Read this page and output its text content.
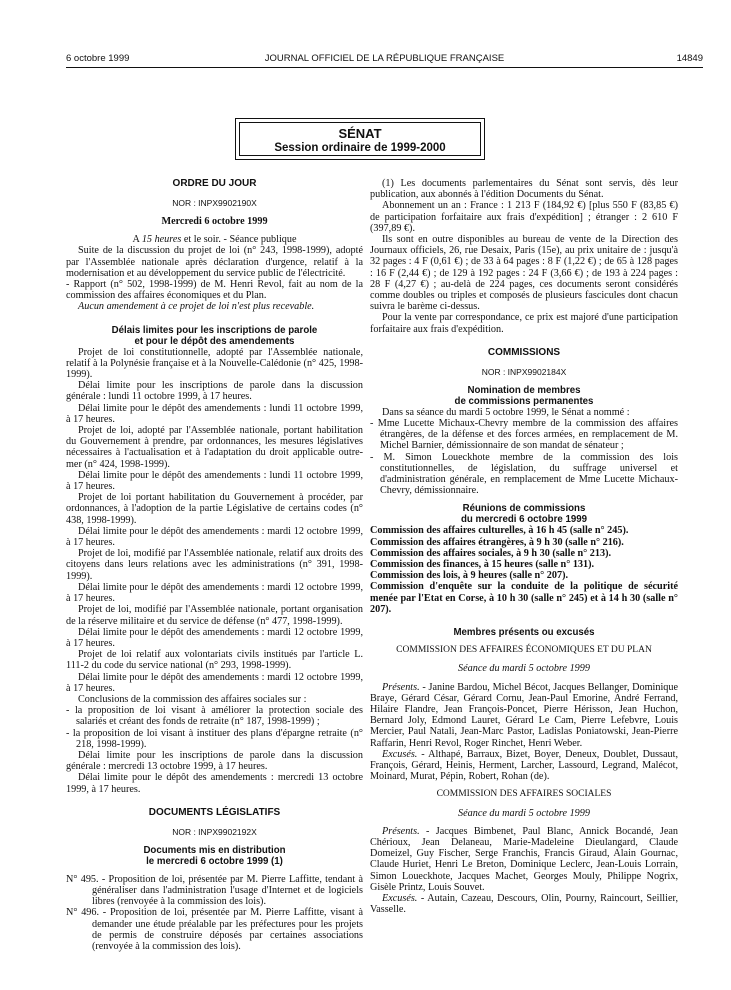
6 octobre 1999	JOURNAL OFFICIEL DE LA RÉPUBLIQUE FRANÇAISE	14849
SÉNAT
Session ordinaire de 1999-2000
ORDRE DU JOUR
NOR : INPX9902190X
Mercredi 6 octobre 1999
A 15 heures et le soir. - Séance publique

Suite de la discussion du projet de loi (n° 243, 1998-1999), adopté par l'Assemblée nationale après déclaration d'urgence, relatif à la modernisation et au développement du service public de l'électricité.

- Rapport (n° 502, 1998-1999) de M. Henri Revol, fait au nom de la commission des affaires économiques et du Plan.

Aucun amendement à ce projet de loi n'est plus recevable.

Délais limites pour les inscriptions de parole
et pour le dépôt des amendements

Projet de loi constitutionnelle, adopté par l'Assemblée nationale, relatif à la Polynésie française et à la Nouvelle-Calédonie (n° 425, 1998-1999).

Délai limite pour les inscriptions de parole dans la discussion générale : lundi 11 octobre 1999, à 17 heures.

Délai limite pour le dépôt des amendements : lundi 11 octobre 1999, à 17 heures.

Projet de loi, adopté par l'Assemblée nationale, portant habilitation du Gouvernement à prendre, par ordonnances, les mesures législatives nécessaires à l'actualisation et à l'adaptation du droit applicable outre-mer (n° 424, 1998-1999).

Délai limite pour le dépôt des amendements : lundi 11 octobre 1999, à 17 heures.

Projet de loi portant habilitation du Gouvernement à procéder, par ordonnances, à l'adoption de la partie Législative de certains codes (n° 438, 1998-1999).

Délai limite pour le dépôt des amendements : mardi 12 octobre 1999, à 17 heures.

Projet de loi, modifié par l'Assemblée nationale, relatif aux droits des citoyens dans leurs relations avec les administrations (n° 391, 1998-1999).

Délai limite pour le dépôt des amendements : mardi 12 octobre 1999, à 17 heures.

Projet de loi, modifié par l'Assemblée nationale, portant organisation de la réserve militaire et du service de défense (n° 477, 1998-1999).

Délai limite pour le dépôt des amendements : mardi 12 octobre 1999, à 17 heures.

Projet de loi relatif aux volontariats civils institués par l'article L. 111-2 du code du service national (n° 293, 1998-1999).

Délai limite pour le dépôt des amendements : mardi 12 octobre 1999, à 17 heures.

Conclusions de la commission des affaires sociales sur :

- la proposition de loi visant à améliorer la protection sociale des salariés et créant des fonds de retraite (n° 187, 1998-1999) ;

- la proposition de loi visant à instituer des plans d'épargne retraite (n° 218, 1998-1999).

Délai limite pour les inscriptions de parole dans la discussion générale : mercredi 13 octobre 1999, à 17 heures.

Délai limite pour le dépôt des amendements : mercredi 13 octobre 1999, à 17 heures.

DOCUMENTS LÉGISLATIFS
NOR : INPX9902192X
Documents mis en distribution
le mercredi 6 octobre 1999 (1)

N° 495. - Proposition de loi, présentée par M. Pierre Laffitte, tendant à généraliser dans l'administration l'usage d'Internet et de logiciels libres (renvoyée à la commission des lois).

N° 496. - Proposition de loi, présentée par M. Pierre Laffitte, visant à demander une étude préalable par les préfectures pour les projets de permis de construire déposés par certaines associations (renvoyée à la commission des lois).

(1) Les documents parlementaires du Sénat sont servis, dès leur publication, aux abonnés à l'édition Documents du Sénat.

Abonnement un an : France : 1 213 F (184,92 €) [plus 550 F (83,85 €) de participation forfaitaire aux frais d'expédition] ; étranger : 2 610 F (397,89 €).

Ils sont en outre disponibles au bureau de vente de la Direction des Journaux officiels, 26, rue Desaix, Paris (15e), au prix unitaire de : jusqu'à 32 pages : 4 F (0,61 €) ; de 33 à 64 pages : 8 F (1,22 €) ; de 65 à 128 pages : 16 F (2,44 €) ; de 129 à 192 pages : 24 F (3,66 €) ; de 193 à 224 pages : 28 F (4,27 €) ; au-delà de 224 pages, ces documents seront considérés comme doubles ou triples et composés de plusieurs fascicules dont chacun suivra le barème ci-dessus.

Pour la vente par correspondance, ce prix est majoré d'une participation forfaitaire aux frais d'expédition.

COMMISSIONS
NOR : INPX9902184X
Nomination de membres
de commissions permanentes

Dans sa séance du mardi 5 octobre 1999, le Sénat a nommé :

- Mme Lucette Michaux-Chevry membre de la commission des affaires étrangères, de la défense et des forces armées, en remplacement de M. Michel Barnier, démissionnaire de son mandat de sénateur ;

- M. Simon Loueckhote membre de la commission des lois constitutionnelles, de législation, du suffrage universel et d'administration générale, en remplacement de Mme Lucette Michaux-Chevry, démissionnaire.

Réunions de commissions
du mercredi 6 octobre 1999

Commission des affaires culturelles, à 16 h 45 (salle n° 245).

Commission des affaires étrangères, à 9 h 30 (salle n° 216).

Commission des affaires sociales, à 9 h 30 (salle n° 213).

Commission des finances, à 15 heures (salle n° 131).

Commission des lois, à 9 heures (salle n° 207).

Commission d'enquête sur la conduite de la politique de sécurité menée par l'Etat en Corse, à 10 h 30 (salle n° 245) et à 14 h 30 (salle n° 207).

Membres présents ou excusés
COMMISSION DES AFFAIRES ÉCONOMIQUES ET DU PLAN
Séance du mardi 5 octobre 1999

Présents. - Janine Bardou, Michel Bécot, Jacques Bellanger, Dominique Braye, Gérard César, Gérard Cornu, Jean-Paul Emorine, André Ferrand, Hilaire Flandre, Jean François-Poncet, Pierre Hérisson, Jean Huchon, Bernard Joly, Edmond Lauret, Gérard Le Cam, Pierre Lefebvre, Louis Mercier, Paul Natali, Jean-Marc Pastor, Ladislas Poniatowski, Jean-Pierre Raffarin, Henri Revol, Roger Rinchet, Henri Weber.

Excusés. - Althapé, Barraux, Bizet, Boyer, Deneux, Doublet, Dussaut, François, Gérard, Heinis, Herment, Larcher, Lassourd, Legrand, Malécot, Moinard, Murat, Pépin, Robert, Rohan (de).

COMMISSION DES AFFAIRES SOCIALES
Séance du mardi 5 octobre 1999

Présents. - Jacques Bimbenet, Paul Blanc, Annick Bocandé, Jean Chérioux, Jean Delaneau, Marie-Madeleine Dieulangard, Claude Domeizel, Guy Fischer, Serge Franchis, Francis Giraud, Alain Gournac, Claude Huriet, Henri Le Breton, Dominique Leclerc, Jean-Louis Lorrain, Simon Loueckhote, Jacques Machet, Georges Mouly, Philippe Nogrix, Gisèle Printz, Louis Souvet.

Excusés. - Autain, Cazeau, Descours, Olin, Pourny, Raincourt, Seillier, Vasselle.
